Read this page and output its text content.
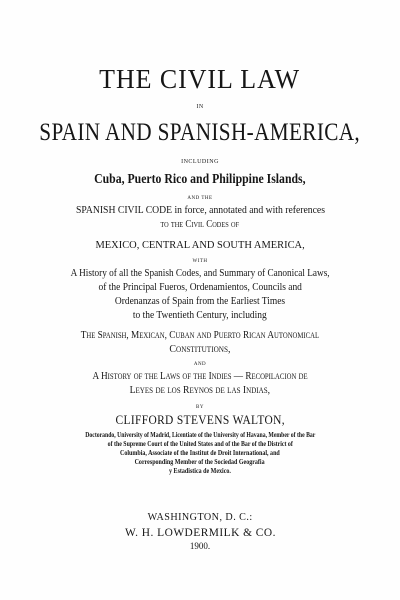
THE CIVIL LAW
IN
SPAIN AND SPANISH-AMERICA,
INCLUDING
Cuba, Puerto Rico and Philippine Islands,
AND THE
SPANISH CIVIL CODE in force, annotated and with references
to the Civil Codes of
MEXICO, CENTRAL AND SOUTH AMERICA,
WITH
A History of all the Spanish Codes, and Summary of Canonical Laws,
of the Principal Fueros, Ordenamientos, Councils and
Ordenanzas of Spain from the Earliest Times
to the Twentieth Century, including
The Spanish, Mexican, Cuban and Puerto Rican Autonomical
Constitutions,
AND
A History of the Laws of the Indies — Recopilacion de
Leyes de los Reynos de las Indias,
BY
CLIFFORD STEVENS WALTON,
Doctorando, University of Madrid, Licentiate of the University of Havana, Member of the Bar
of the Supreme Court of the United States and of the Bar of the District of
Columbia, Associate of the Institut de Droit International, and
Corresponding Member of the Sociedad Geografia
y Estadistica de Mexico.
WASHINGTON, D. C.:
W. H. LOWDERMILK & CO.
1900.
